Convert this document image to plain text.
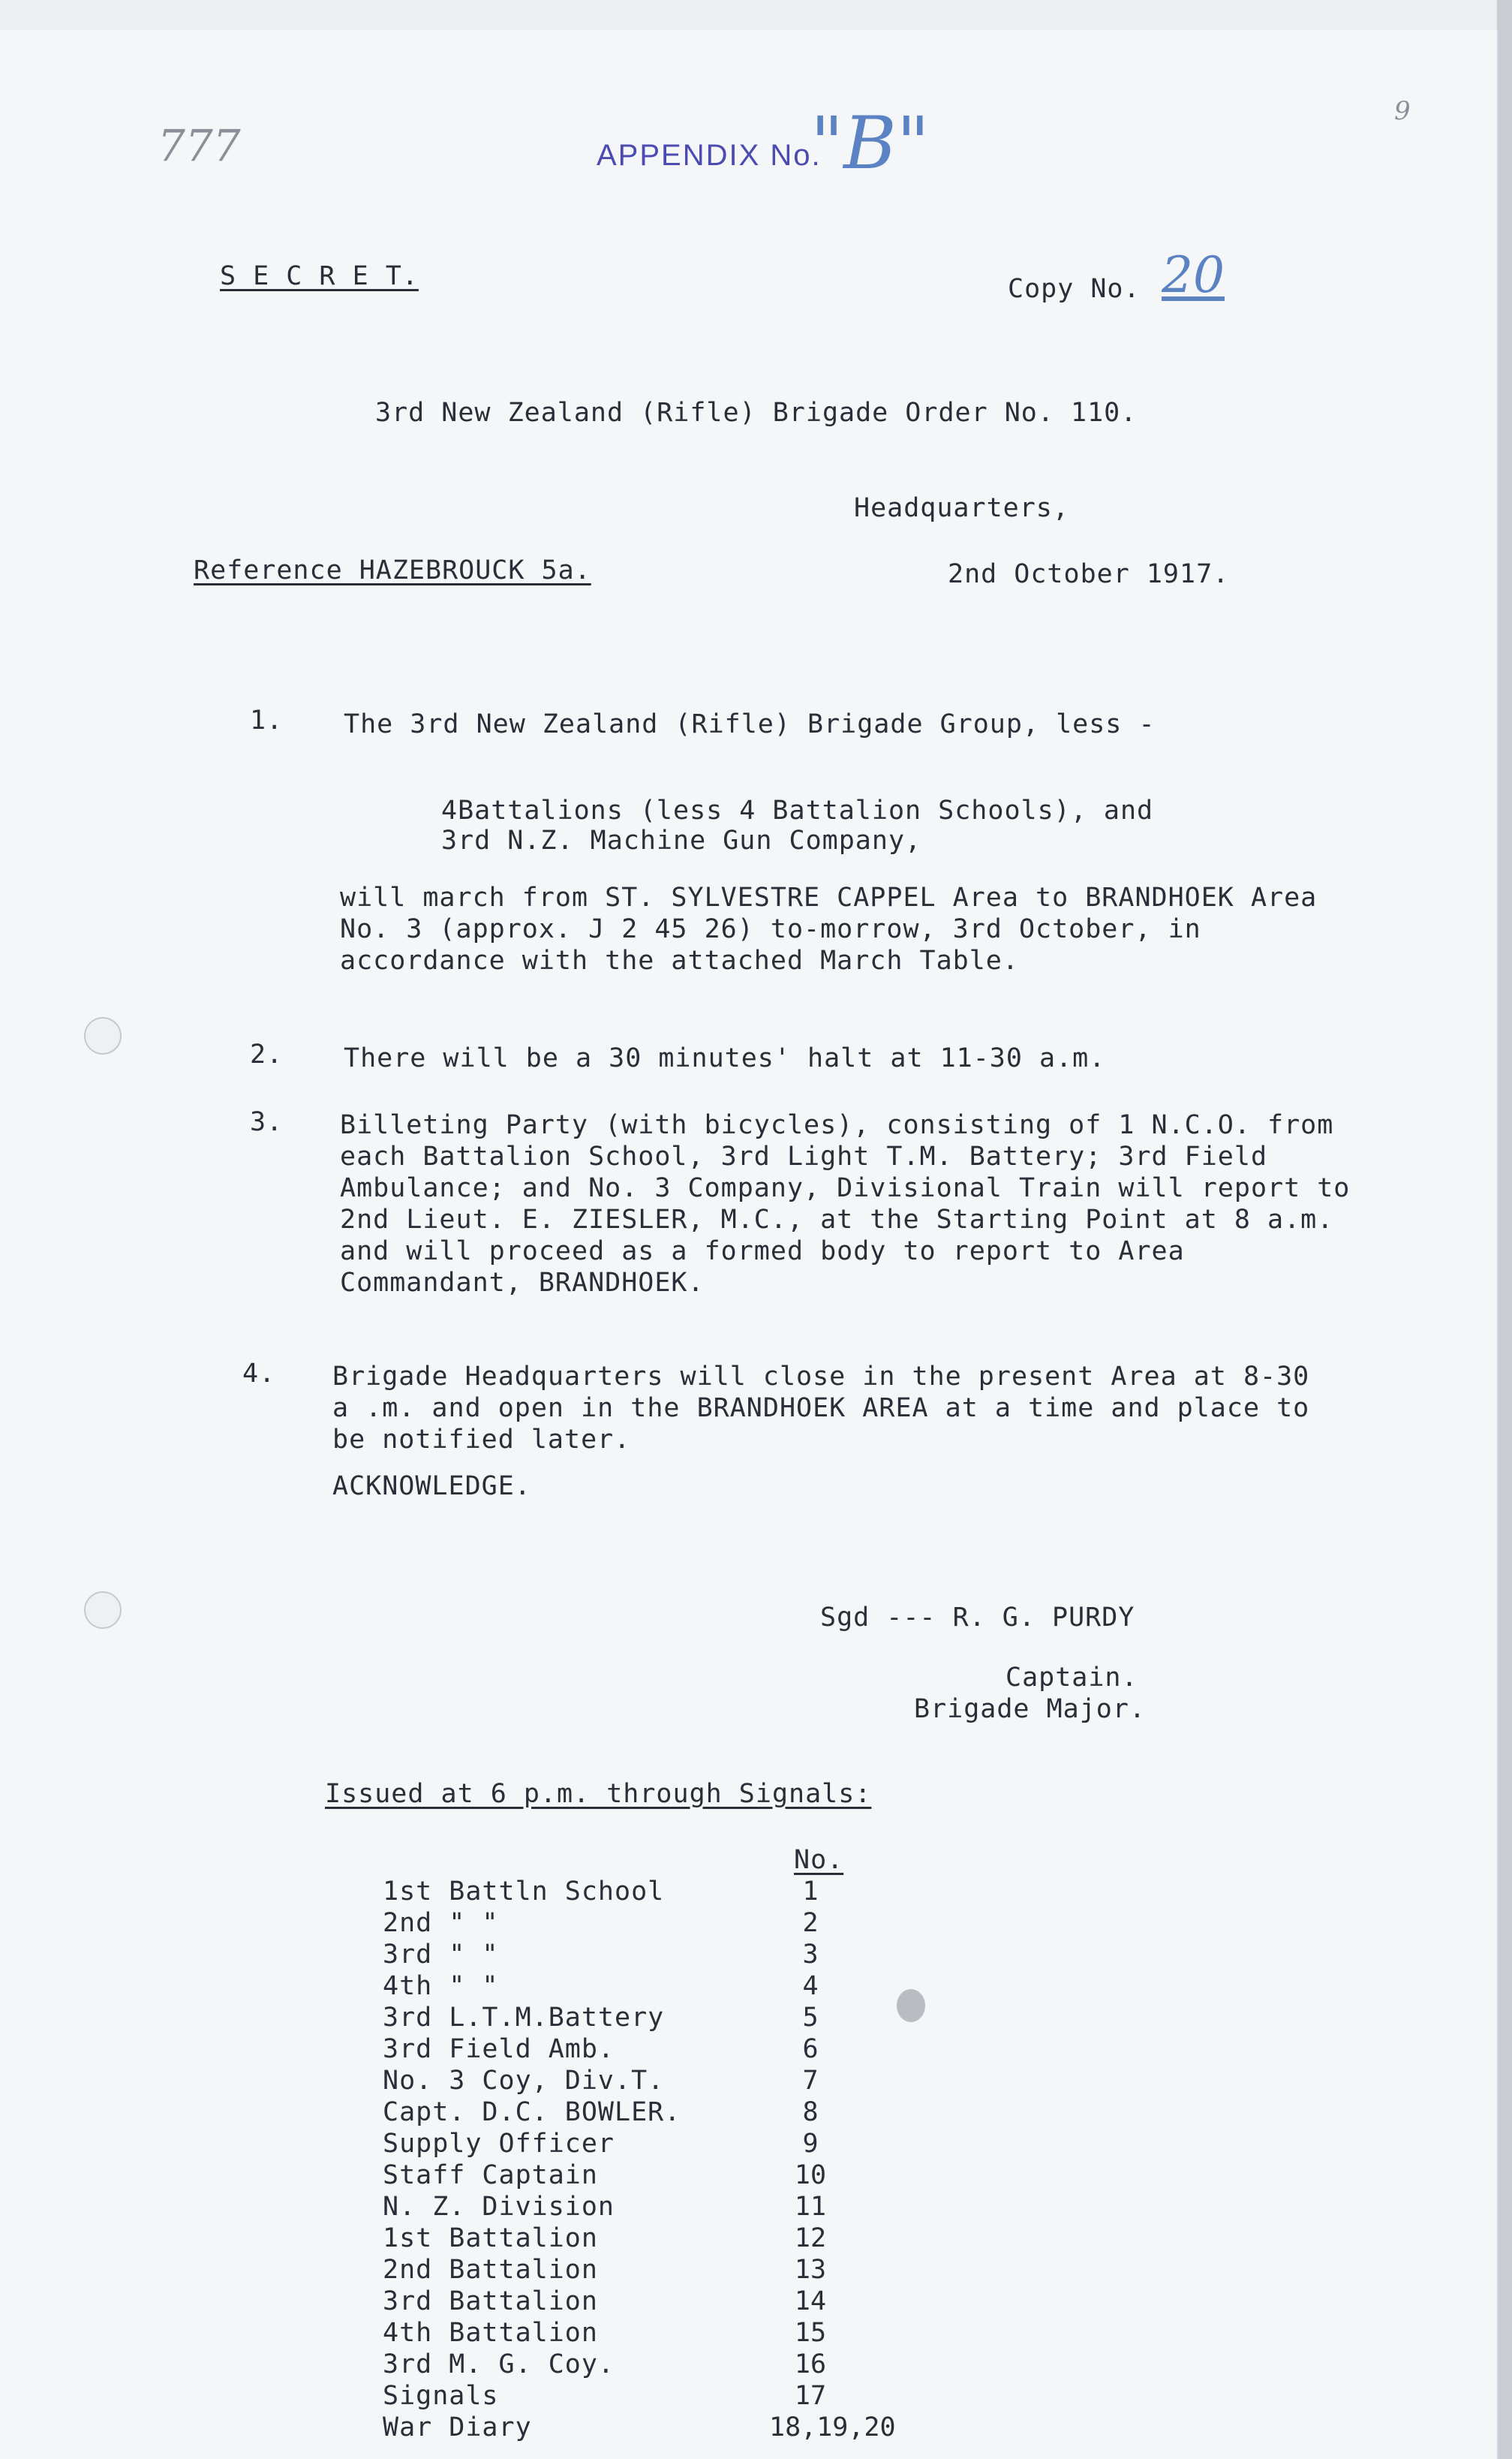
777
9
APPENDIX No.
"B"
S E C R E T.	Copy No. 20
3rd New Zealand (Rifle) Brigade Order No. 110.
Headquarters,
Reference HAZEBROUCK 5a.	2nd October 1917.
1. The 3rd New Zealand (Rifle) Brigade Group, less -
4Battalions (less 4 Battalion Schools), and
3rd N.Z. Machine Gun Company,
will march from ST. SYLVESTRE CAPPEL Area to BRANDHOEK Area No. 3 (approx. J 2 45 26) to-morrow, 3rd October, in accordance with the attached March Table.
2. There will be a 30 minutes' halt at 11-30 a.m.
3. Billeting Party (with bicycles), consisting of 1 N.C.O. from each Battalion School, 3rd Light T.M. Battery; 3rd Field Ambulance; and No. 3 Company, Divisional Train will report to 2nd Lieut. E. ZIESLER, M.C., at the Starting Point at 8 a.m. and will proceed as a formed body to report to Area Commandant, BRANDHOEK.
4. Brigade Headquarters will close in the present Area at 8-30 a .m. and open in the BRANDHOEK AREA at a time and place to be notified later.
ACKNOWLEDGE.
Sgd --- R. G. PURDY
Captain.
Brigade Major.
Issued at 6 p.m. through Signals:
No.
1st Battln School	1
2nd " "	2
3rd " "	3
4th " "	4
3rd L.T.M.Battery	5
3rd Field Amb.	6
No. 3 Coy, Div.T.	7
Capt. D.C. BOWLER.	8
Supply Officer	9
Staff Captain	10
N. Z. Division	11
1st Battalion	12
2nd Battalion	13
3rd Battalion	14
4th Battalion	15
3rd M. G. Coy.	16
Signals	17
War Diary	18,19,20
